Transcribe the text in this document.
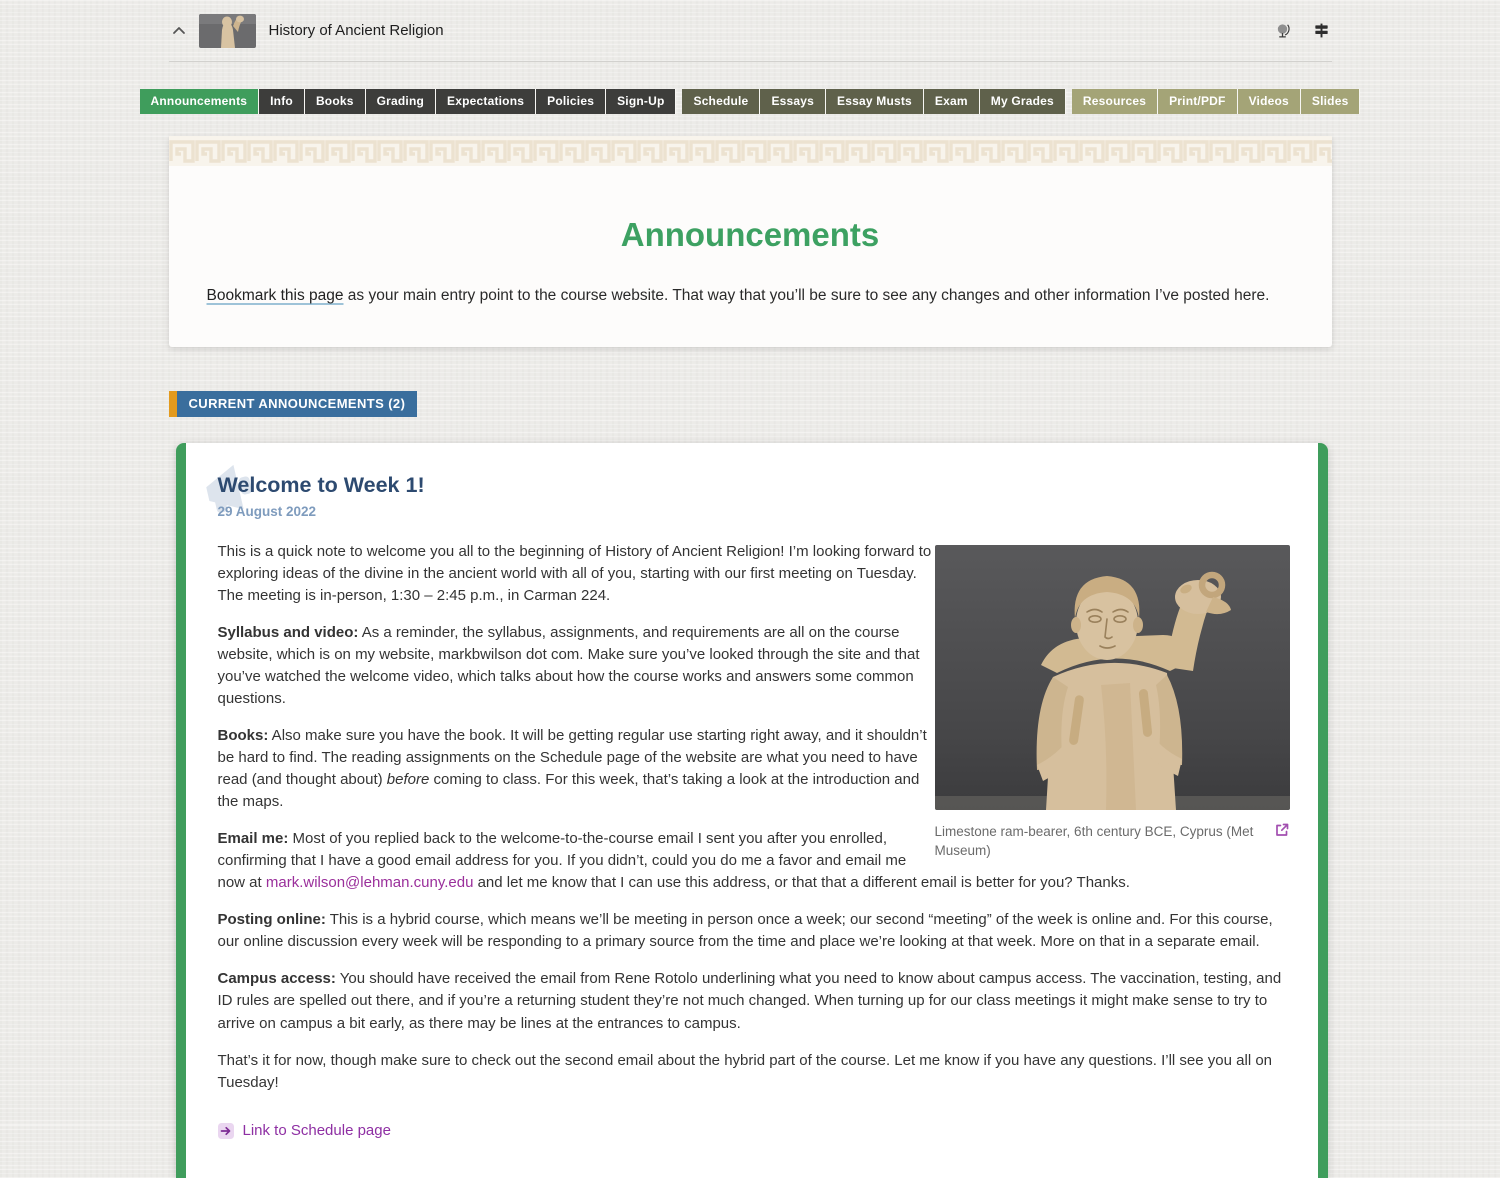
History of Ancient Religion
Announcements	Info	Books	Grading	Expectations	Policies	Sign-Up	Schedule	Essays	Essay Musts	Exam	My Grades	Resources	Print/PDF	Videos	Slides
Announcements

Bookmark this page as your main entry point to the course website. That way that you’ll be sure to see any changes and other information I’ve posted here.

CURRENT ANNOUNCEMENTS (2)
Welcome to Week 1!
29 August 2022
Limestone ram-bearer, 6th century BCE, Cyprus (Met Museum)

This is a quick note to welcome you all to the beginning of History of Ancient Religion! I’m looking forward to exploring ideas of the divine in the ancient world with all of you, starting with our first meeting on Tuesday. The meeting is in-person, 1:30 – 2:45 p.m., in Carman 224.

Syllabus and video: As a reminder, the syllabus, assignments, and requirements are all on the course website, which is on my website, markbwilson dot com. Make sure you’ve looked through the site and that you’ve watched the welcome video, which talks about how the course works and answers some common questions.

Books: Also make sure you have the book. It will be getting regular use starting right away, and it shouldn’t be hard to find. The reading assignments on the Schedule page of the website are what you need to have read (and thought about) before coming to class. For this week, that’s taking a look at the introduction and the maps.

Email me: Most of you replied back to the welcome-to-the-course email I sent you after you enrolled, confirming that I have a good email address for you. If you didn’t, could you do me a favor and email me now at mark.wilson@lehman.cuny.edu and let me know that I can use this address, or that that a different email is better for you? Thanks.

Posting online: This is a hybrid course, which means we’ll be meeting in person once a week; our second “meeting” of the week is online and. For this course, our online discussion every week will be responding to a primary source from the time and place we’re looking at that week. More on that in a separate email.

Campus access: You should have received the email from Rene Rotolo underlining what you need to know about campus access. The vaccination, testing, and ID rules are spelled out there, and if you’re a returning student they’re not much changed. When turning up for our class meetings it might make sense to try to arrive on campus a bit early, as there may be lines at the entrances to campus.

That’s it for now, though make sure to check out the second email about the hybrid part of the course. Let me know if you have any questions. I’ll see you all on Tuesday!

Link to Schedule page
